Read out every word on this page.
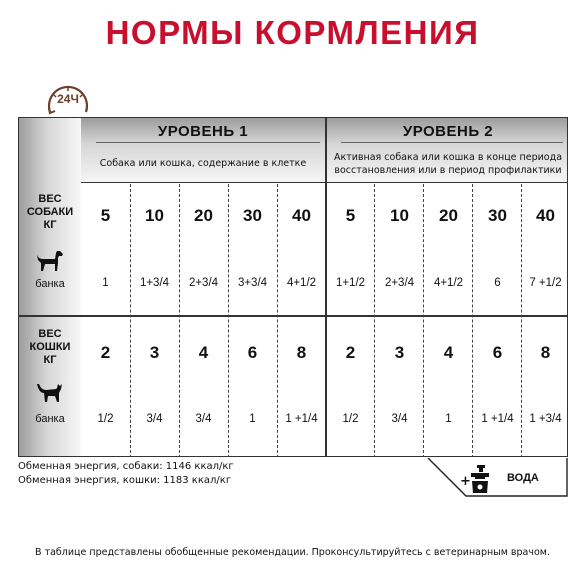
НОРМЫ КОРМЛЕНИЯ
24Ч
УРОВЕНЬ 1
Собака или кошка, содержание в клетке
УРОВЕНЬ 2
Активная собака или кошка в конце периода
восстановления или в период профилактики
ВЕС
СОБАКИ
КГ
банка
ВЕС
КОШКИ
КГ
банка
5	10	20	30	40	5	10	20	30	40
1	1+3/4	2+3/4	3+3/4	4+1/2	1+1/2	2+3/4	4+1/2	6	7 +1/2
2	3	4	6	8	2	3	4	6	8
1/2	3/4	3/4	1	1 +1/4	1/2	3/4	1	1 +1/4	1 +3/4
Обменная энергия, собаки: 1146 ккал/кг
Обменная энергия, кошки: 1183 ккал/кг	+	ВОДА
В таблице представлены обобщенные рекомендации. Проконсультируйтесь с ветеринарным врачом.
